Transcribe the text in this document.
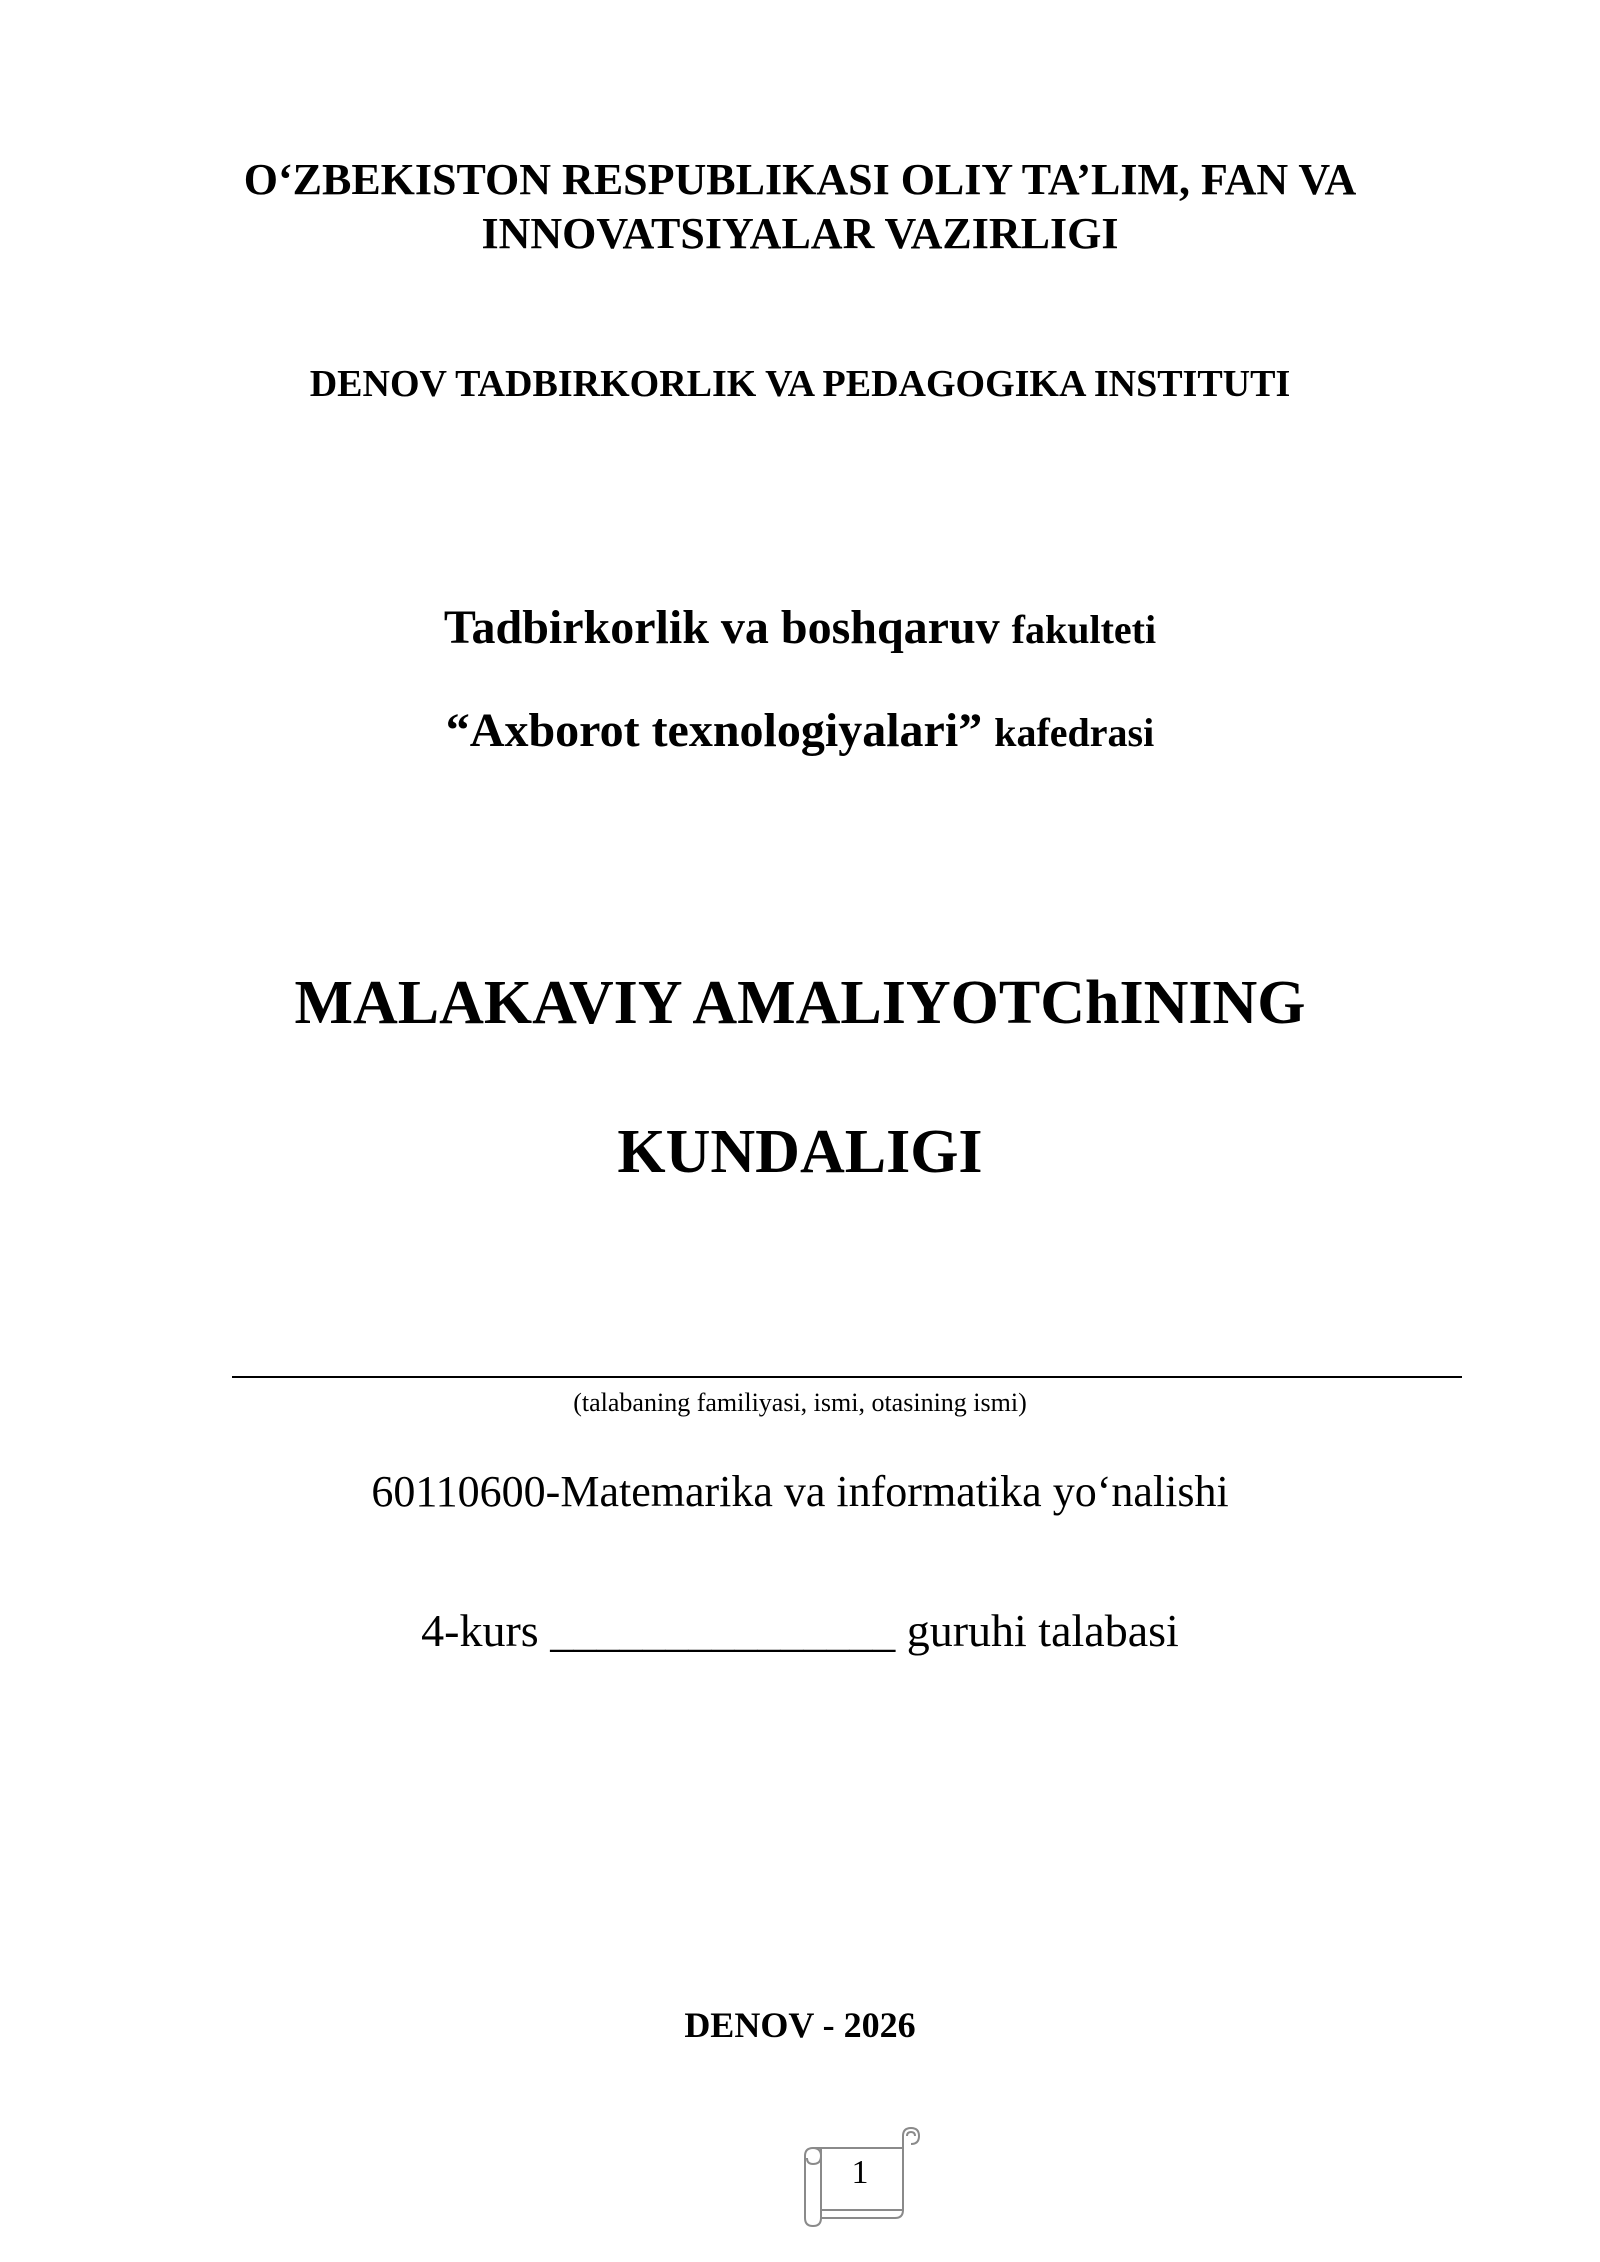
O‘ZBEKISTON RESPUBLIKASI OLIY TA’LIM, FAN VA
INNOVATSIYALAR VAZIRLIGI
DENOV TADBIRKORLIK VA PEDAGOGIKA INSTITUTI
Tadbirkorlik va boshqaruv fakulteti
“Axborot texnologiyalari” kafedrasi
MALAKAVIY AMALIYOTChINING
KUNDALIGI
(talabaning familiyasi, ismi, otasining ismi)
60110600-Matemarika va informatika yo‘nalishi
4-kurs _______________ guruhi talabasi
DENOV - 2026
1
